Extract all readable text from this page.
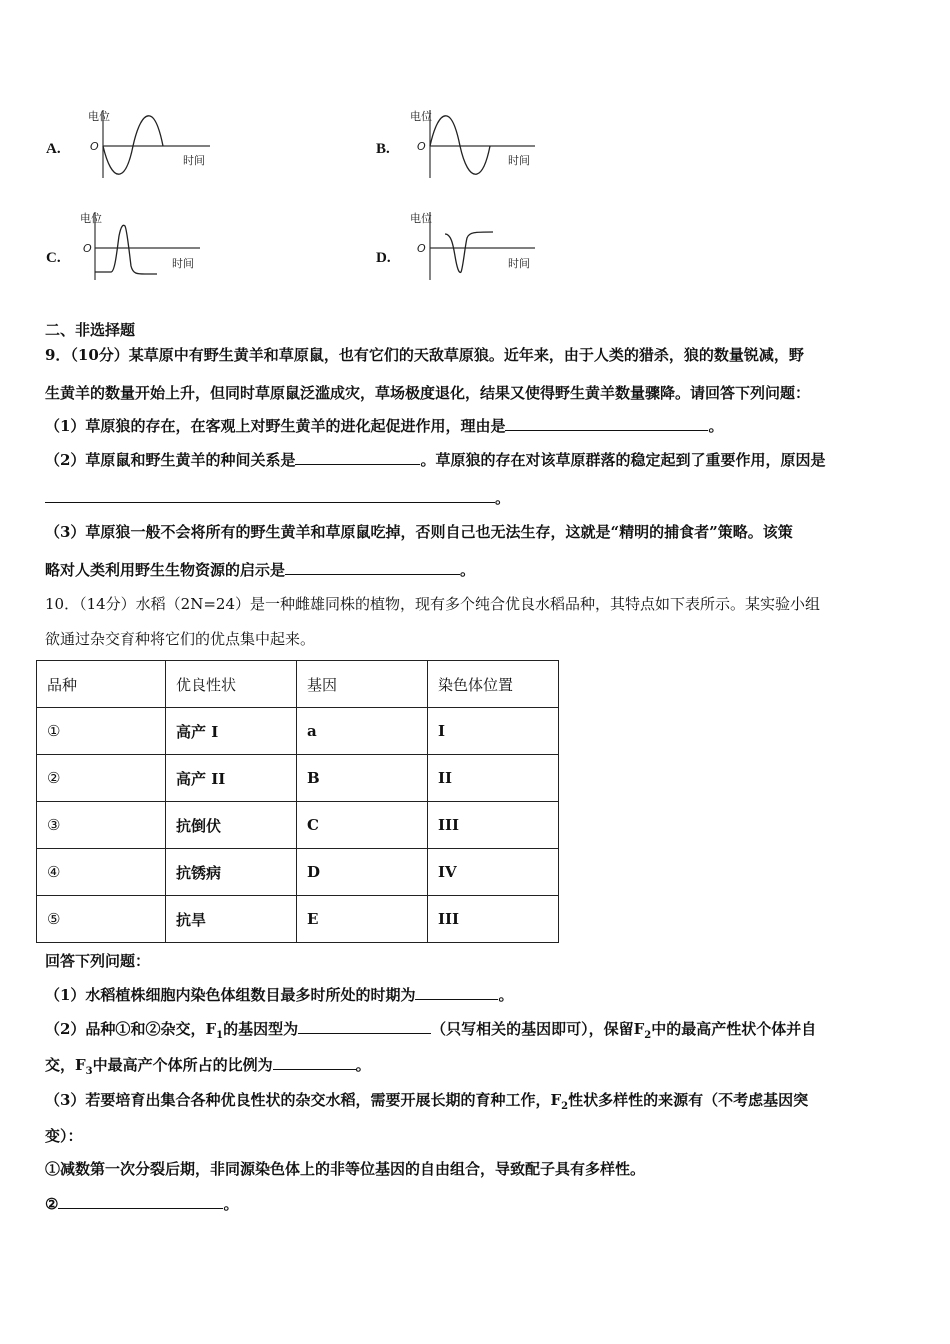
A.
电位
O
时间
B.
电位
O
时间
C.
电位
O
时间	D.
电位
O
时间
二、非选择题
9．（10分）某草原中有野生黄羊和草原鼠，也有它们的天敌草原狼。近年来，由于人类的猎杀，狼的数量锐减，野
生黄羊的数量开始上升，但同时草原鼠泛滥成灾，草场极度退化，结果又使得野生黄羊数量骤降。请回答下列问题：
（1）草原狼的存在，在客观上对野生黄羊的进化起促进作用，理由是	。
（2）草原鼠和野生黄羊的种间关系是	。草原狼的存在对该草原群落的稳定起到了重要作用，原因是
。
（3）草原狼一般不会将所有的野生黄羊和草原鼠吃掉，否则自己也无法生存，这就是“精明的捕食者”策略。该策
略对人类利用野生生物资源的启示是	。
10．（14分）水稻（2N=24）是一种雌雄同株的植物，现有多个纯合优良水稻品种，其特点如下表所示。某实验小组
欲通过杂交育种将它们的优点集中起来。
品种	优良性状	基因	染色体位置
①	高产 I	a	I
②	高产 II	B	II
③	抗倒伏	C	III
④	抗锈病	D	IV
⑤	抗旱	E	III
回答下列问题：
（1）水稻植株细胞内染色体组数目最多时所处的时期为	。
（2）品种①和②杂交，$F_1$的基因型为	（只写相关的基因即可），保留$F_2$中的最高产性状个体并自
交，$F_3$中最高产个体所占的比例为	。
（3）若要培育出集合各种优良性状的杂交水稻，需要开展长期的育种工作，$F_2$性状多样性的来源有（不考虑基因突
变）：
①减数第一次分裂后期，非同源染色体上的非等位基因的自由组合，导致配子具有多样性。
②	。
